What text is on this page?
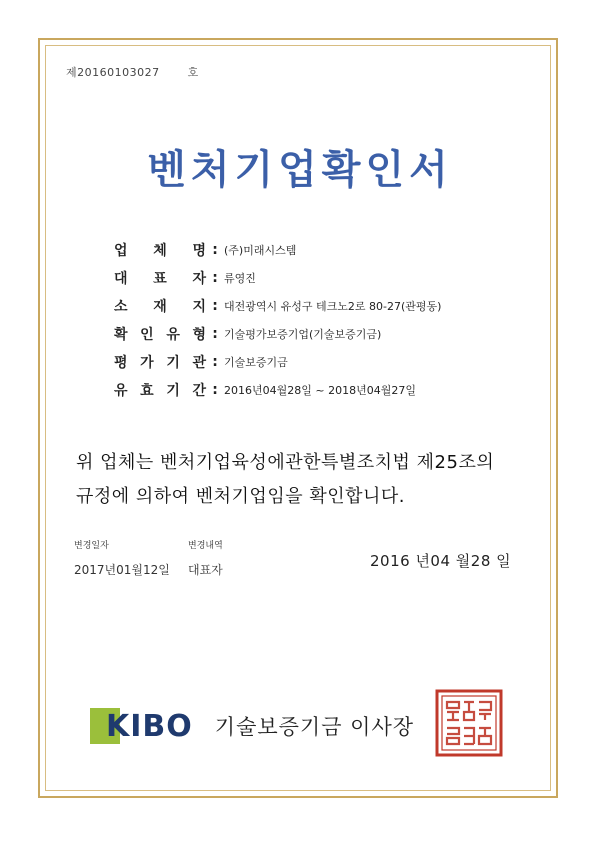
제20160103027	호
벤처기업확인서
업 체 명 : (주)미래시스템
대 표 자 : 류영진
소 재 지 : 대전광역시 유성구 테크노2로 80-27(관평동)
확 인 유 형 : 기술평가보증기업(기술보증기금)
평 가 기 관 : 기술보증기금
유 효 기 간 : 2016년04월28일 ~ 2018년04월27일
위 업체는 벤처기업육성에관한특별조치법 제25조의
규정에 의하여 벤처기업임을 확인합니다.
변경일자
2017년01월12일
변경내역
대표자	2016 년04 월28 일
KIBO 기술보증기금 이사장
